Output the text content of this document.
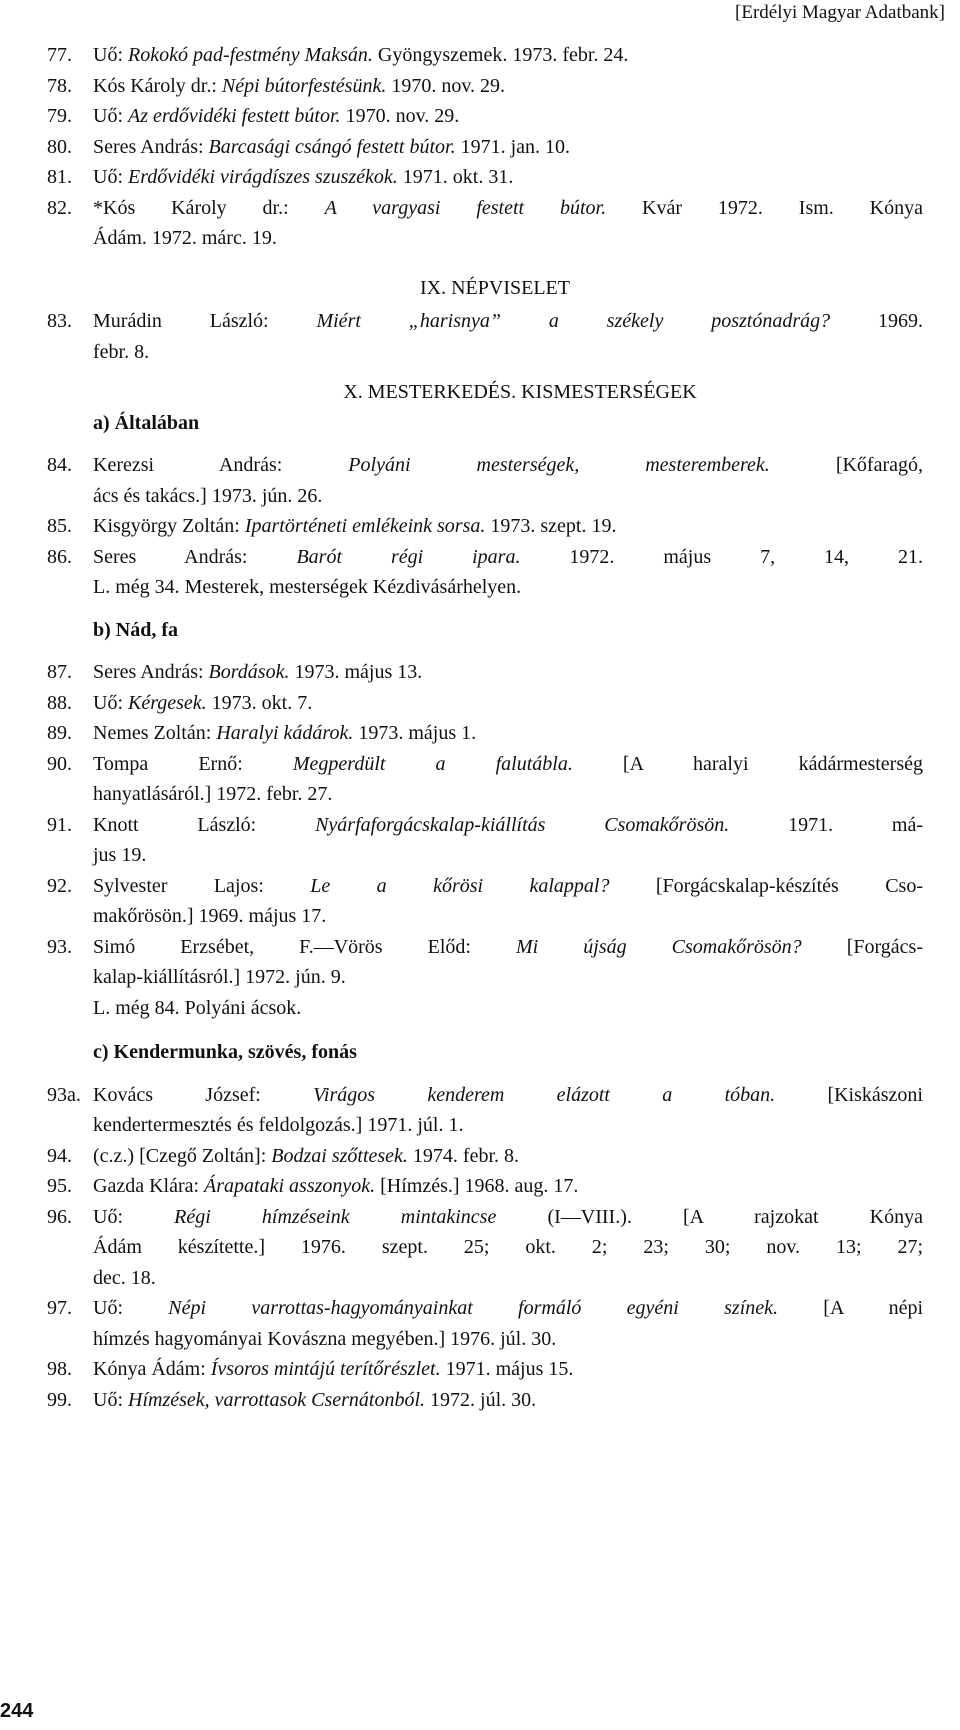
[Erdélyi Magyar Adatbank]
77.	Uő: Rokokó pad-festmény Maksán. Gyöngyszemek. 1973. febr. 24.
78.	Kós Károly dr.: Népi bútorfestésünk. 1970. nov. 29.
79.	Uő: Az erdővidéki festett bútor. 1970. nov. 29.
80.	Seres András: Barcasági csángó festett bútor. 1971. jan. 10.
81.	Uő: Erdővidéki virágdíszes szuszékok. 1971. okt. 31.
82.	*Kós Károly dr.: A vargyasi festett bútor. Kvár 1972. Ism. Kónya
Ádám. 1972. márc. 19.
IX. NÉPVISELET
83.	Murádin László: Miért „harisnya” a székely posztónadrág? 1969.
febr. 8.
X. MESTERKEDÉS. KISMESTERSÉGEK
a) Általában
84.	Kerezsi András: Polyáni mesterségek, mesteremberek. [Kőfaragó,
ács és takács.] 1973. jún. 26.
85.	Kisgyörgy Zoltán: Ipartörténeti emlékeink sorsa. 1973. szept. 19.
86.	Seres András: Barót régi ipara. 1972. május 7, 14, 21.
L. még 34. Mesterek, mesterségek Kézdivásárhelyen.
b) Nád, fa
87.	Seres András: Bordások. 1973. május 13.
88.	Uő: Kérgesek. 1973. okt. 7.
89.	Nemes Zoltán: Haralyi kádárok. 1973. május 1.
90.	Tompa Ernő: Megperdült a falutábla. [A haralyi kádármesterség
hanyatlásáról.] 1972. febr. 27.
91.	Knott László: Nyárfaforgácskalap-kiállítás Csomakőrösön. 1971. má-
jus 19.
92.	Sylvester Lajos: Le a kőrösi kalappal? [Forgácskalap-készítés Cso-
makőrösön.] 1969. május 17.
93.	Simó Erzsébet, F.—Vörös Előd: Mi újság Csomakőrösön? [Forgács-
kalap-kiállításról.] 1972. jún. 9.
L. még 84. Polyáni ácsok.
c) Kendermunka, szövés, fonás
93a. Kovács József: Virágos kenderem elázott a tóban. [Kiskászoni
kendertermesztés és feldolgozás.] 1971. júl. 1.
94.	(c.z.) [Czegő Zoltán]: Bodzai szőttesek. 1974. febr. 8.
95.	Gazda Klára: Árapataki asszonyok. [Hímzés.] 1968. aug. 17.
96.	Uő: Régi hímzéseink mintakincse (I—VIII.). [A rajzokat Kónya
Ádám készítette.] 1976. szept. 25; okt. 2; 23; 30; nov. 13; 27;
dec. 18.
97.	Uő: Népi varrottas-hagyományainkat formáló egyéni színek. [A népi
hímzés hagyományai Kovászna megyében.] 1976. júl. 30.
98.	Kónya Ádám: Ívsoros mintájú terítőrészlet. 1971. május 15.
99.	Uő: Hímzések, varrottasok Csernátonból. 1972. júl. 30.
244
